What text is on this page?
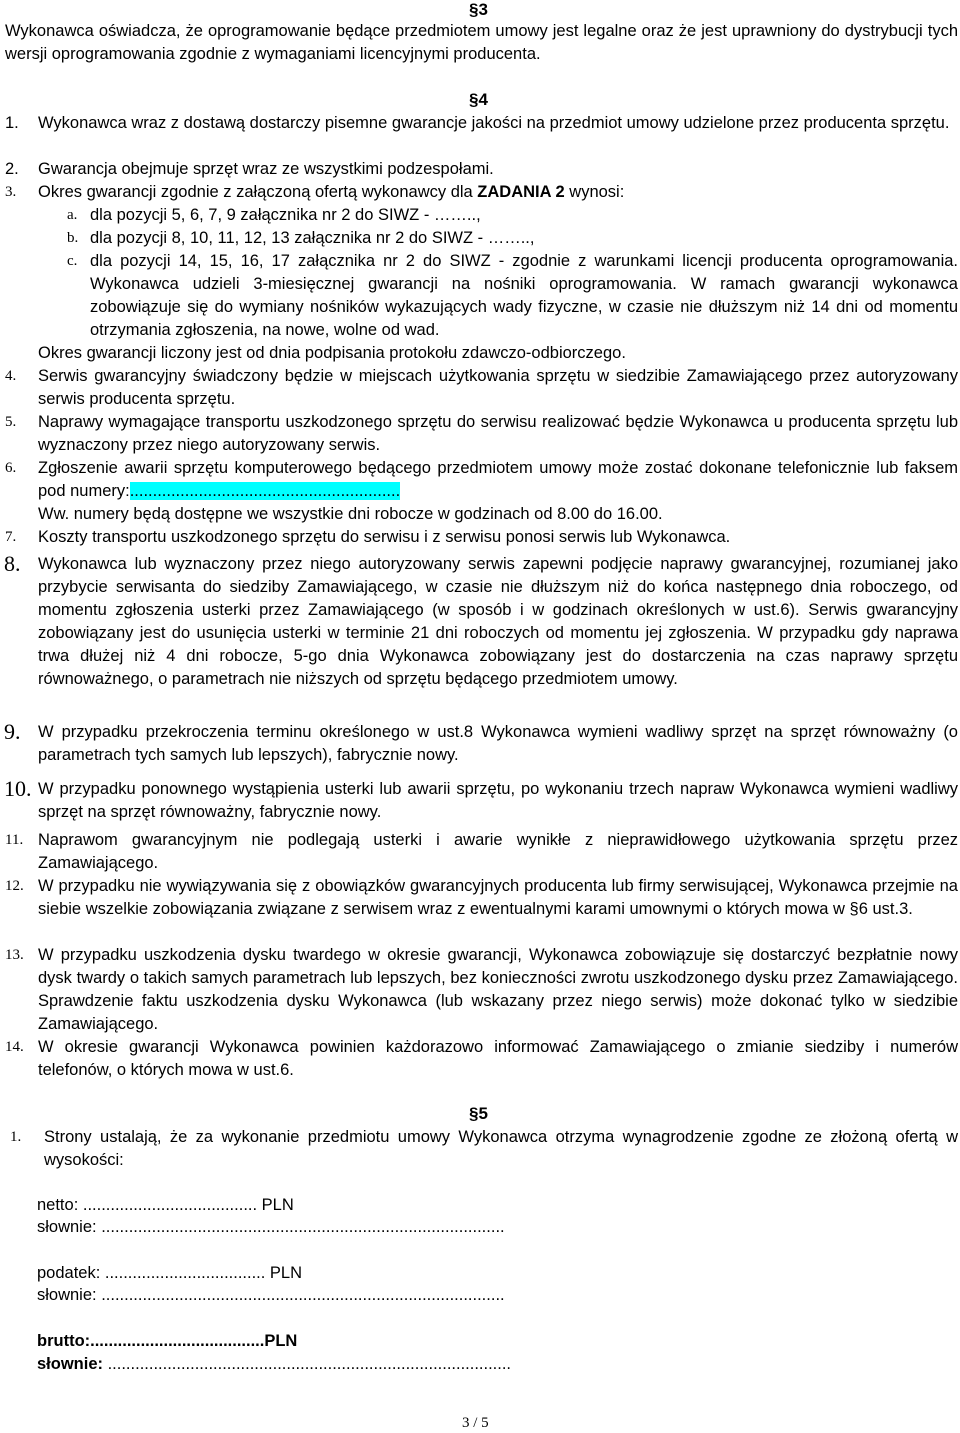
§3
Wykonawca oświadcza, że oprogramowanie będące przedmiotem umowy jest legalne oraz że jest uprawniony do dystrybucji tych wersji oprogramowania zgodnie z wymaganiami licencyjnymi producenta.
§4
1. Wykonawca wraz z dostawą dostarczy pisemne gwarancje jakości na przedmiot umowy udzielone przez producenta sprzętu.
2. Gwarancja obejmuje sprzęt wraz ze wszystkimi podzespołami.
3. Okres gwarancji zgodnie z załączoną ofertą wykonawcy dla ZADANIA 2 wynosi:
a. dla pozycji 5, 6, 7, 9 załącznika nr 2 do SIWZ - ……..,
b. dla pozycji 8, 10, 11, 12, 13 załącznika nr 2 do SIWZ - ……..,
c. dla pozycji 14, 15, 16, 17 załącznika nr 2 do SIWZ - zgodnie z warunkami licencji producenta oprogramowania. Wykonawca udzieli 3-miesięcznej gwarancji na nośniki oprogramowania. W ramach gwarancji wykonawca zobowiązuje się do wymiany nośników wykazujących wady fizyczne, w czasie nie dłuższym niż 14 dni od momentu otrzymania zgłoszenia, na nowe, wolne od wad.
Okres gwarancji liczony jest od dnia podpisania protokołu zdawczo-odbiorczego.
4. Serwis gwarancyjny świadczony będzie w miejscach użytkowania sprzętu w siedzibie Zamawiającego przez autoryzowany serwis producenta sprzętu.
5. Naprawy wymagające transportu uszkodzonego sprzętu do serwisu realizować będzie Wykonawca u producenta sprzętu lub wyznaczony przez niego autoryzowany serwis.
6. Zgłoszenie awarii sprzętu komputerowego będącego przedmiotem umowy może zostać dokonane telefonicznie lub faksem pod numery:...........................................................
Ww. numery będą dostępne we wszystkie dni robocze w godzinach od 8.00 do 16.00.
7. Koszty transportu uszkodzonego sprzętu do serwisu i z serwisu ponosi serwis lub Wykonawca.
8. Wykonawca lub wyznaczony przez niego autoryzowany serwis zapewni podjęcie naprawy gwarancyjnej, rozumianej jako przybycie serwisanta do siedziby Zamawiającego, w czasie nie dłuższym niż do końca następnego dnia roboczego, od momentu zgłoszenia usterki przez Zamawiającego (w sposób i w godzinach określonych w ust.6). Serwis gwarancyjny zobowiązany jest do usunięcia usterki w terminie 21 dni roboczych od momentu jej zgłoszenia. W przypadku gdy naprawa trwa dłużej niż 4 dni robocze, 5-go dnia Wykonawca zobowiązany jest do dostarczenia na czas naprawy sprzętu równoważnego, o parametrach nie niższych od sprzętu będącego przedmiotem umowy.
9. W przypadku przekroczenia terminu określonego w ust.8 Wykonawca wymieni wadliwy sprzęt na sprzęt równoważny (o parametrach tych samych lub lepszych), fabrycznie nowy.
10. W przypadku ponownego wystąpienia usterki lub awarii sprzętu, po wykonaniu trzech napraw Wykonawca wymieni wadliwy sprzęt na sprzęt równoważny, fabrycznie nowy.
11. Naprawom gwarancyjnym nie podlegają usterki i awarie wynikłe z nieprawidłowego użytkowania sprzętu przez Zamawiającego.
12. W przypadku nie wywiązywania się z obowiązków gwarancyjnych producenta lub firmy serwisującej, Wykonawca przejmie na siebie wszelkie zobowiązania związane z serwisem wraz z ewentualnymi karami umownymi o których mowa w §6 ust.3.
13. W przypadku uszkodzenia dysku twardego w okresie gwarancji, Wykonawca zobowiązuje się dostarczyć bezpłatnie nowy dysk twardy o takich samych parametrach lub lepszych, bez konieczności zwrotu uszkodzonego dysku przez Zamawiającego. Sprawdzenie faktu uszkodzenia dysku Wykonawca (lub wskazany przez niego serwis) może dokonać tylko w siedzibie Zamawiającego.
14. W okresie gwarancji Wykonawca powinien każdorazowo informować Zamawiającego o zmianie siedziby i numerów telefonów, o których mowa w ust.6.
§5
1. Strony ustalają, że za wykonanie przedmiotu umowy Wykonawca otrzyma wynagrodzenie zgodne ze złożoną ofertą w wysokości:
netto: ...................................... PLN
słownie: ........................................................................................
podatek: ................................... PLN
słownie: ........................................................................................
brutto:......................................PLN
słownie: ........................................................................................
3 / 5
